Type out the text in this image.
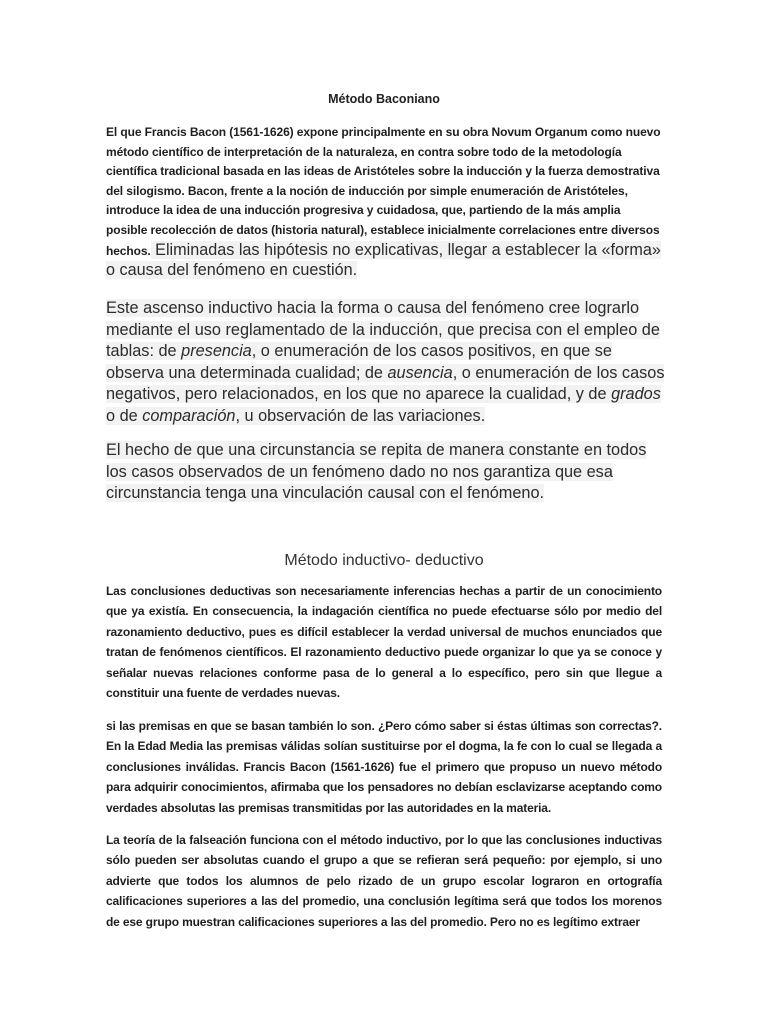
Método Baconiano
El que Francis Bacon (1561-1626) expone principalmente en su obra Novum Organum como nuevo método científico de interpretación de la naturaleza, en contra sobre todo de la metodología científica tradicional basada en las ideas de Aristóteles sobre la inducción y la fuerza demostrativa del silogismo. Bacon, frente a la noción de inducción por simple enumeración de Aristóteles, introduce la idea de una inducción progresiva y cuidadosa, que, partiendo de la más amplia posible recolección de datos (historia natural), establece inicialmente correlaciones entre diversos hechos. Eliminadas las hipótesis no explicativas, llegar a establecer la «forma» o causa del fenómeno en cuestión.
Este ascenso inductivo hacia la forma o causa del fenómeno cree lograrlo mediante el uso reglamentado de la inducción, que precisa con el empleo de tablas: de presencia, o enumeración de los casos positivos, en que se observa una determinada cualidad; de ausencia, o enumeración de los casos negativos, pero relacionados, en los que no aparece la cualidad, y de grados o de comparación, u observación de las variaciones.
El hecho de que una circunstancia se repita de manera constante en todos los casos observados de un fenómeno dado no nos garantiza que esa circunstancia tenga una vinculación causal con el fenómeno.
Método inductivo- deductivo
Las conclusiones deductivas son necesariamente inferencias hechas a partir de un conocimiento que ya existía. En consecuencia, la indagación científica no puede efectuarse sólo por medio del razonamiento deductivo, pues es difícil establecer la verdad universal de muchos enunciados que tratan de fenómenos científicos. El razonamiento deductivo puede organizar lo que ya se conoce y señalar nuevas relaciones conforme pasa de lo general a lo específico, pero sin que llegue a constituir una fuente de verdades nuevas.
si las premisas en que se basan también lo son. ¿Pero cómo saber si éstas últimas son correctas?. En la Edad Media las premisas válidas solían sustituirse por el dogma, la fe con lo cual se llegada a conclusiones inválidas. Francis Bacon (1561-1626) fue el primero que propuso un nuevo método para adquirir conocimientos, afirmaba que los pensadores no debían esclavizarse aceptando como verdades absolutas las premisas transmitidas por las autoridades en la materia.
La teoría de la falseación funciona con el método inductivo, por lo que las conclusiones inductivas sólo pueden ser absolutas cuando el grupo a que se refieran será pequeño: por ejemplo, si uno advierte que todos los alumnos de pelo rizado de un grupo escolar lograron en ortografía calificaciones superiores a las del promedio, una conclusión legítima será que todos los morenos de ese grupo muestran calificaciones superiores a las del promedio. Pero no es legítimo extraer
